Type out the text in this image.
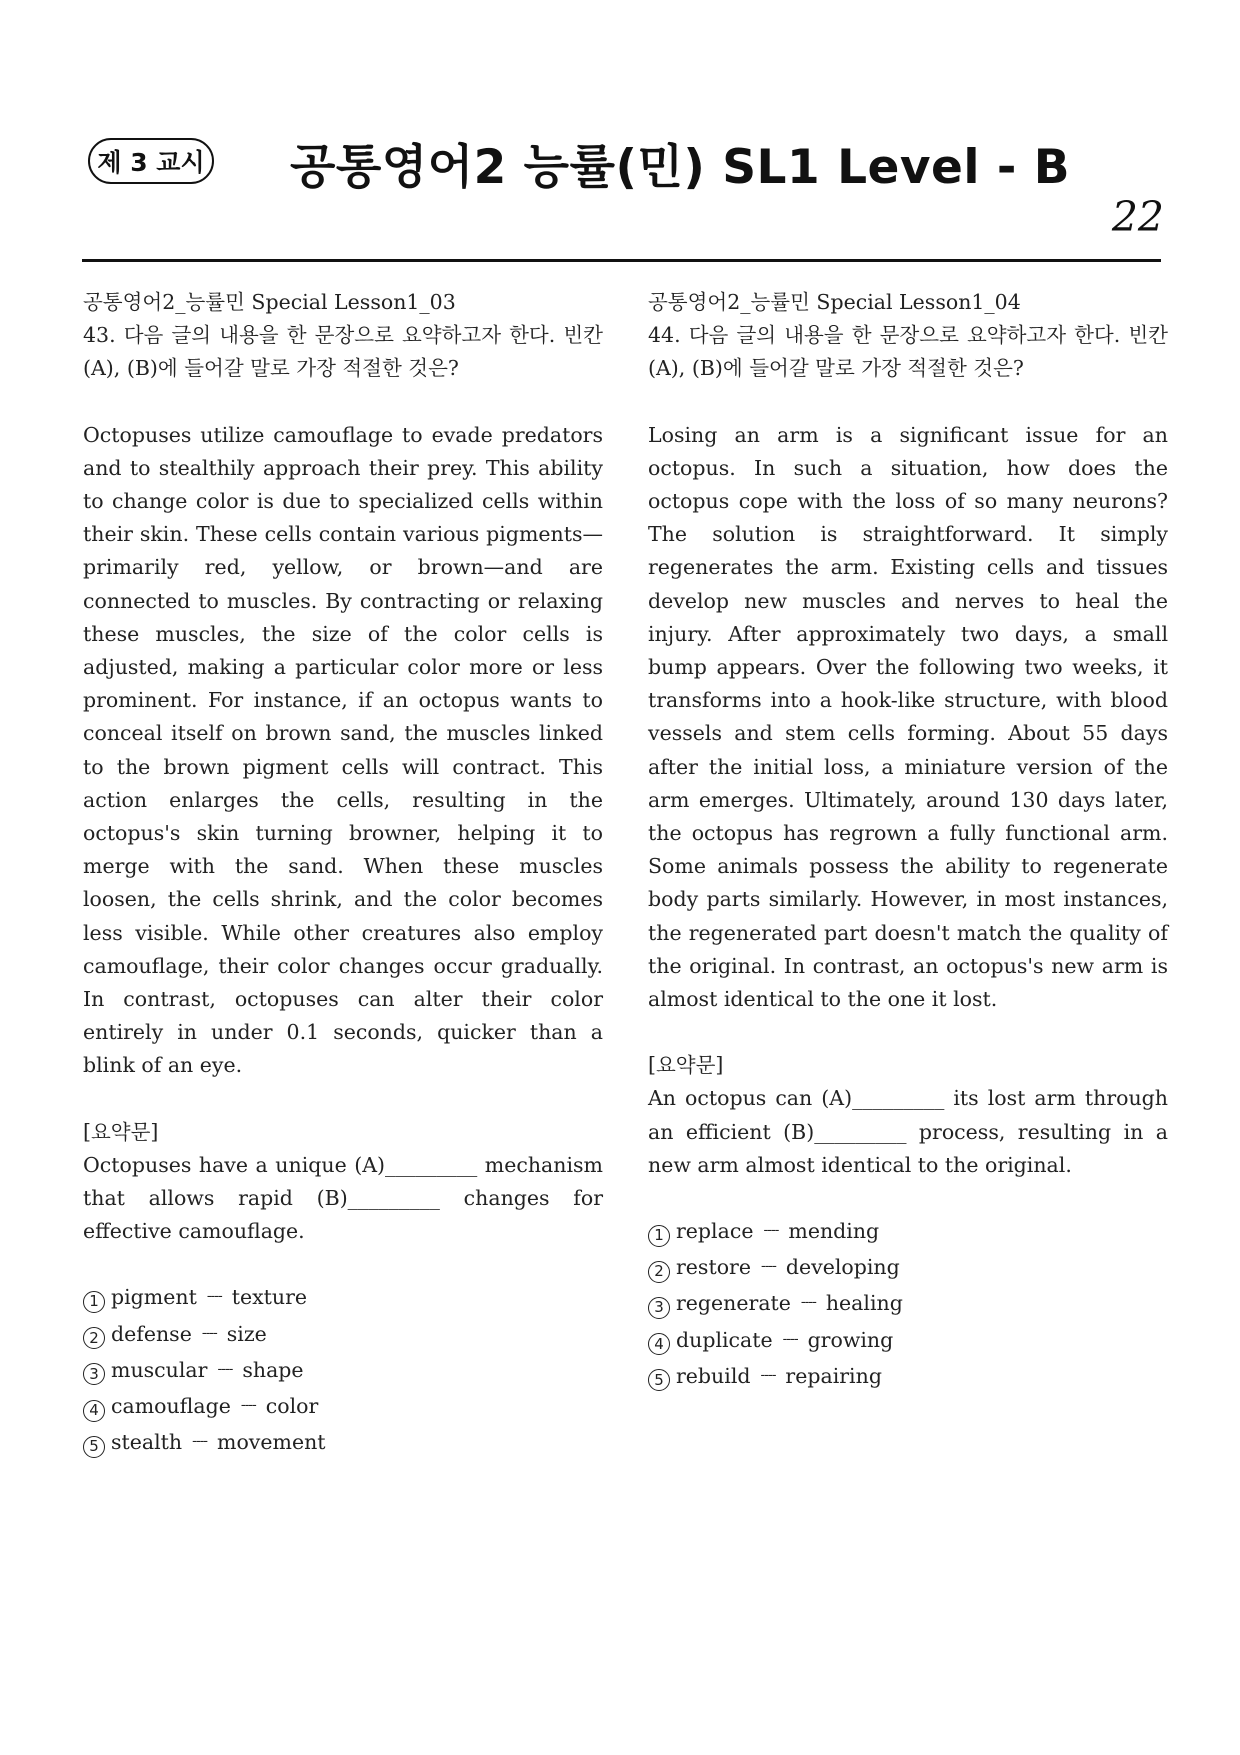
제 3 교시 공통영어2 능률(민) SL1 Level - B
22

공통영어2_능률민 Special Lesson1_03

43. 다음 글의 내용을 한 문장으로 요약하고자 한다. 빈칸 (A), (B)에 들어갈 말로 가장 적절한 것은?

Octopuses utilize camouflage to evade predators and to stealthily approach their prey. This ability to change color is due to specialized cells within their skin. These cells contain various pigments—primarily red, yellow, or brown—and are connected to muscles. By contracting or relaxing these muscles, the size of the color cells is adjusted, making a particular color more or less prominent. For instance, if an octopus wants to conceal itself on brown sand, the muscles linked to the brown pigment cells will contract. This action enlarges the cells, resulting in the octopus's skin turning browner, helping it to merge with the sand. When these muscles loosen, the cells shrink, and the color becomes less visible. While other creatures also employ camouflage, their color changes occur gradually. In contrast, octopuses can alter their color entirely in under 0.1 seconds, quicker than a blink of an eye.

[요약문]

Octopuses have a unique (A)_________ mechanism that allows rapid (B)_________ changes for effective camouflage.

1 pigment ---- texture
2 defense ---- size
3 muscular ---- shape
4 camouflage ---- color
5 stealth ---- movement

공통영어2_능률민 Special Lesson1_04

44. 다음 글의 내용을 한 문장으로 요약하고자 한다. 빈칸 (A), (B)에 들어갈 말로 가장 적절한 것은?

Losing an arm is a significant issue for an octopus. In such a situation, how does the octopus cope with the loss of so many neurons? The solution is straightforward. It simply regenerates the arm. Existing cells and tissues develop new muscles and nerves to heal the injury. After approximately two days, a small bump appears. Over the following two weeks, it transforms into a hook-like structure, with blood vessels and stem cells forming. About 55 days after the initial loss, a miniature version of the arm emerges. Ultimately, around 130 days later, the octopus has regrown a fully functional arm. Some animals possess the ability to regenerate body parts similarly. However, in most instances, the regenerated part doesn't match the quality of the original. In contrast, an octopus's new arm is almost identical to the one it lost.

[요약문]

An octopus can (A)_________ its lost arm through an efficient (B)_________ process, resulting in a new arm almost identical to the original.

1 replace ---- mending
2 restore ---- developing
3 regenerate ---- healing
4 duplicate ---- growing
5 rebuild ---- repairing
